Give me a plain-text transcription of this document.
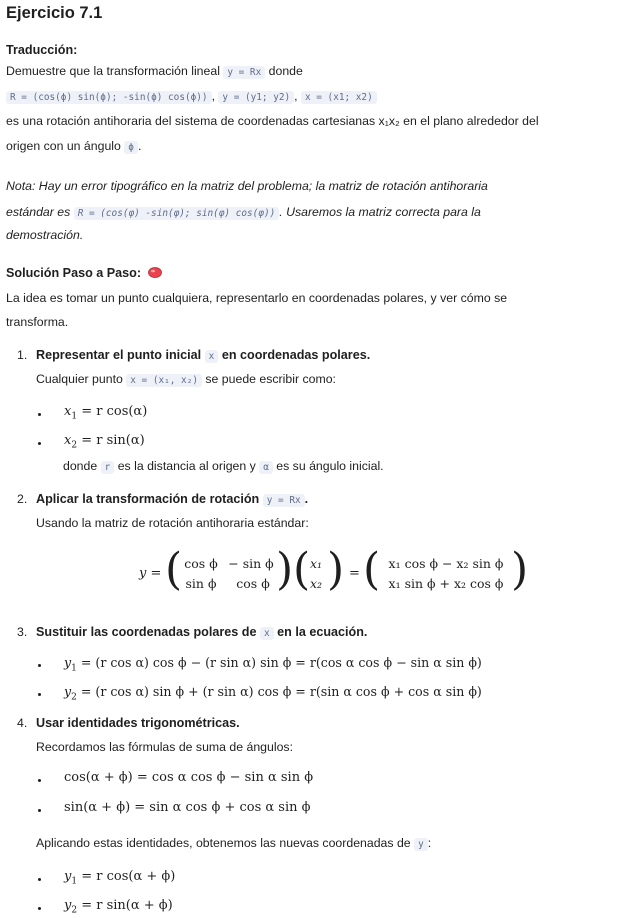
Ejercicio 7.1
Traducción:
Demuestre que la transformación lineal y = Rx donde
R = (cos(ϕ) sin(ϕ); -sin(ϕ) cos(ϕ)) , y = (y1; y2) , x = (x1; x2)
es una rotación antihoraria del sistema de coordenadas cartesianas x₁x₂ en el plano alrededor del
origen con un ángulo ϕ .
Nota: Hay un error tipográfico en la matriz del problema; la matriz de rotación antihoraria
estándar es R = (cos(φ) -sin(φ); sin(φ) cos(φ)) . Usaremos la matriz correcta para la
demostración.
Solución Paso a Paso:
La idea es tomar un punto cualquiera, representarlo en coordenadas polares, y ver cómo se
transforma.
1. Representar el punto inicial x en coordenadas polares.
Cualquier punto x = (x₁, x₂) se puede escribir como:
$x_1 = r$ cos(α)
$x_2 = r$ sin(α)
donde r es la distancia al origen y α es su ángulo inicial.
2. Aplicar la transformación de rotación y = Rx .
Usando la matriz de rotación antihoraria estándar:
y = ( cos ϕ − sin ϕ
sin ϕ	cos ϕ ) ( x₁
x₂ ) = ( x₁ cos ϕ − x₂ sin ϕ
x₁ sin ϕ + x₂ cos ϕ )
3. Sustituir las coordenadas polares de x en la ecuación.
$y_1 = (r$ cos α) cos ϕ − (r sin α) sin ϕ = r(cos α cos ϕ − sin α sin ϕ)
$y_2 = (r$ cos α) sin ϕ + (r sin α) cos ϕ = r(sin α cos ϕ + cos α sin ϕ)
4. Usar identidades trigonométricas.
Recordamos las fórmulas de suma de ángulos:
cos(α + ϕ) = cos α cos ϕ − sin α sin ϕ
sin(α + ϕ) = sin α cos ϕ + cos α sin ϕ
Aplicando estas identidades, obtenemos las nuevas coordenadas de y :
$y_1 = r$ cos(α + ϕ)
$y_2 = r$ sin(α + ϕ)
